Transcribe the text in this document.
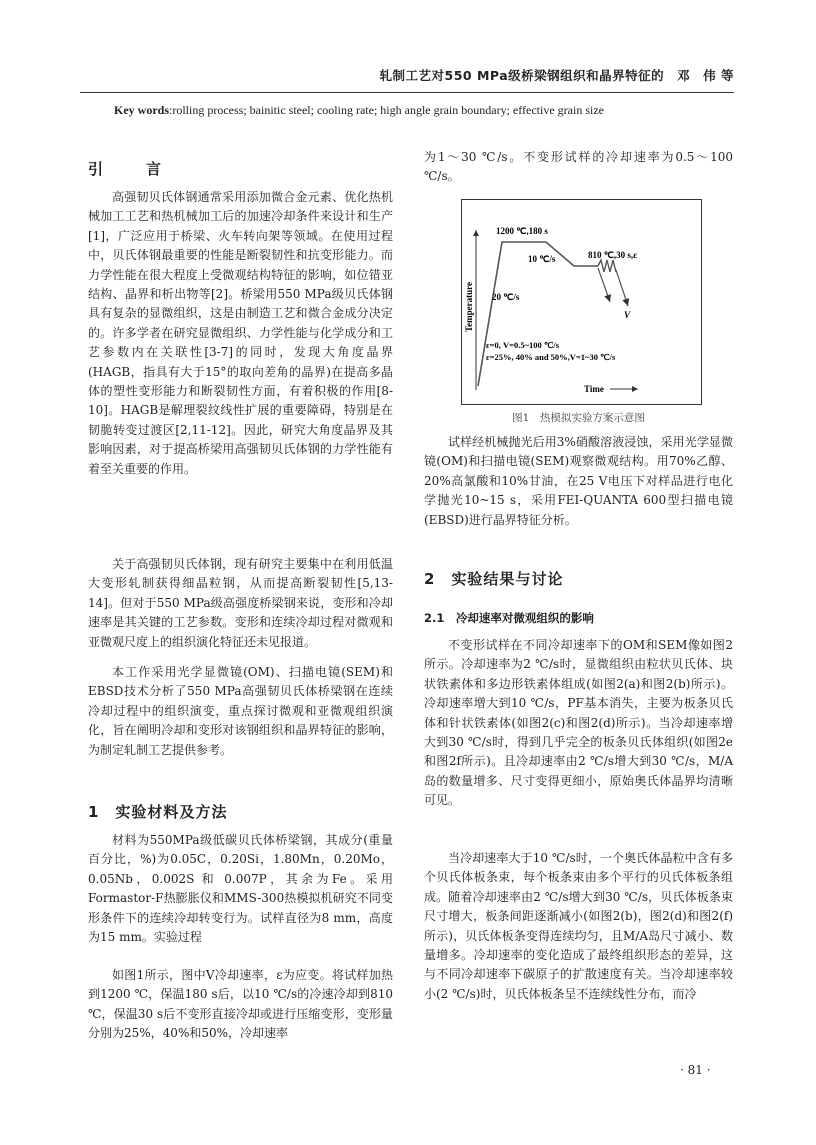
轧制工艺对550 MPa级桥梁钢组织和晶界特征的　邓　伟 等
Key words:rolling process; bainitic steel; cooling rate; high angle grain boundary; effective grain size
引　言

高强韧贝氏体钢通常采用添加微合金元素、优化热机械加工工艺和热机械加工后的加速冷却条件来设计和生产[1]，广泛应用于桥梁、火车转向架等领域。在使用过程中，贝氏体钢最重要的性能是断裂韧性和抗变形能力。而力学性能在很大程度上受微观结构特征的影响，如位错亚结构、晶界和析出物等[2]。桥梁用550 MPa级贝氏体钢具有复杂的显微组织，这是由制造工艺和微合金成分决定的。许多学者在研究显微组织、力学性能与化学成分和工艺参数内在关联性[3-7]的同时，发现大角度晶界(HAGB，指具有大于15°的取向差角的晶界)在提高多晶体的塑性变形能力和断裂韧性方面，有着积极的作用[8-10]。HAGB是解理裂纹线性扩展的重要障碍，特别是在韧脆转变过渡区[2,11-12]。因此，研究大角度晶界及其影响因素，对于提高桥梁用高强韧贝氏体钢的力学性能有着至关重要的作用。

关于高强韧贝氏体钢，现有研究主要集中在利用低温大变形轧制获得细晶粒钢，从而提高断裂韧性[5,13-14]。但对于550 MPa级高强度桥梁钢来说，变形和冷却速率是其关键的工艺参数。变形和连续冷却过程对微观和亚微观尺度上的组织演化特征还未见报道。

本工作采用光学显微镜(OM)、扫描电镜(SEM)和EBSD技术分析了550 MPa高强韧贝氏体桥梁钢在连续冷却过程中的组织演变，重点探讨微观和亚微观组织演化，旨在阐明冷却和变形对该钢组织和晶界特征的影响，为制定轧制工艺提供参考。

1　实验材料及方法

材料为550MPa级低碳贝氏体桥梁钢，其成分(重量百分比，%)为0.05C，0.20Si，1.80Mn，0.20Mo，0.05Nb，0.002S 和 0.007P，其余为Fe。采用Formastor-F热膨胀仪和MMS-300热模拟机研究不同变形条件下的连续冷却转变行为。试样直径为8 mm，高度为15 mm。实验过程

如图1所示，图中V冷却速率，ε为应变。将试样加热到1200 ℃，保温180 s后，以10 ℃/s的冷速冷却到810 ℃，保温30 s后不变形直接冷却或进行压缩变形，变形量分别为25%，40%和50%，冷却速率

为1～30 ℃/s。不变形试样的冷却速率为0.5～100 ℃/s。

1200 ℃,180 s
10 ℃/s	810 ℃,30 s,ε
20 ℃/s
V
Temperature
ε=0, V=0.5~100 ℃/s
ε=25%, 40% and 50%,V=1~30 ℃/s
Time
图1　热模拟实验方案示意图

试样经机械抛光后用3%硝酸溶液浸蚀，采用光学显微镜(OM)和扫描电镜(SEM)观察微观结构。用70%乙醇、20%高氯酸和10%甘油，在25 V电压下对样品进行电化学抛光10~15 s，采用FEI-QUANTA 600型扫描电镜(EBSD)进行晶界特征分析。

2　实验结果与讨论
2.1　冷却速率对微观组织的影响

不变形试样在不同冷却速率下的OM和SEM像如图2所示。冷却速率为2 ℃/s时，显微组织由粒状贝氏体、块状铁素体和多边形铁素体组成(如图2(a)和图2(b)所示)。冷却速率增大到10 ℃/s，PF基本消失，主要为板条贝氏体和针状铁素体(如图2(c)和图2(d)所示)。当冷却速率增大到30 ℃/s时，得到几乎完全的板条贝氏体组织(如图2e和图2f所示)。且冷却速率由2 ℃/s增大到30 ℃/s，M/A岛的数量增多、尺寸变得更细小，原始奥氏体晶界均清晰可见。

当冷却速率大于10 ℃/s时，一个奥氏体晶粒中含有多个贝氏体板条束，每个板条束由多个平行的贝氏体板条组成。随着冷却速率由2 ℃/s增大到30 ℃/s，贝氏体板条束尺寸增大，板条间距逐渐减小(如图2(b)，图2(d)和图2(f)所示)，贝氏体板条变得连续均匀，且M/A岛尺寸减小、数量增多。冷却速率的变化造成了最终组织形态的差异，这与不同冷却速率下碳原子的扩散速度有关。当冷却速率较小(2 ℃/s)时，贝氏体板条呈不连续线性分布，而冷

· 81 ·
